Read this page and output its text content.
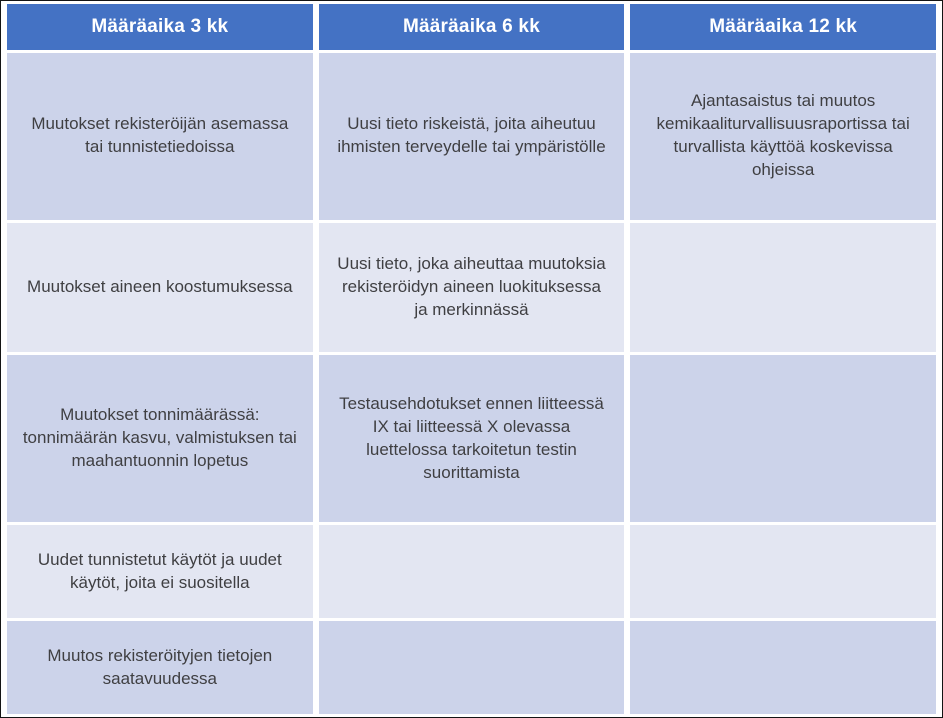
Määräaika 3 kk	Määräaika 6 kk	Määräaika 12 kk
Muutokset rekisteröijän asemassa tai tunnistetiedoissa	Uusi tieto riskeistä, joita aiheutuu ihmisten terveydelle tai ympäristölle	Ajantasaistus tai muutos kemikaaliturvallisuusraportissa tai turvallista käyttöä koskevissa ohjeissa
Muutokset aineen koostumuksessa	Uusi tieto, joka aiheuttaa muutoksia rekisteröidyn aineen luokituksessa ja merkinnässä	
Muutokset tonnimäärässä: tonnimäärän kasvu, valmistuksen tai maahantuonnin lopetus	Testausehdotukset ennen liitteessä IX tai liitteessä X olevassa luettelossa tarkoitetun testin suorittamista	
Uudet tunnistetut käytöt ja uudet käytöt, joita ei suositella		
Muutos rekisteröityjen tietojen saatavuudessa		
